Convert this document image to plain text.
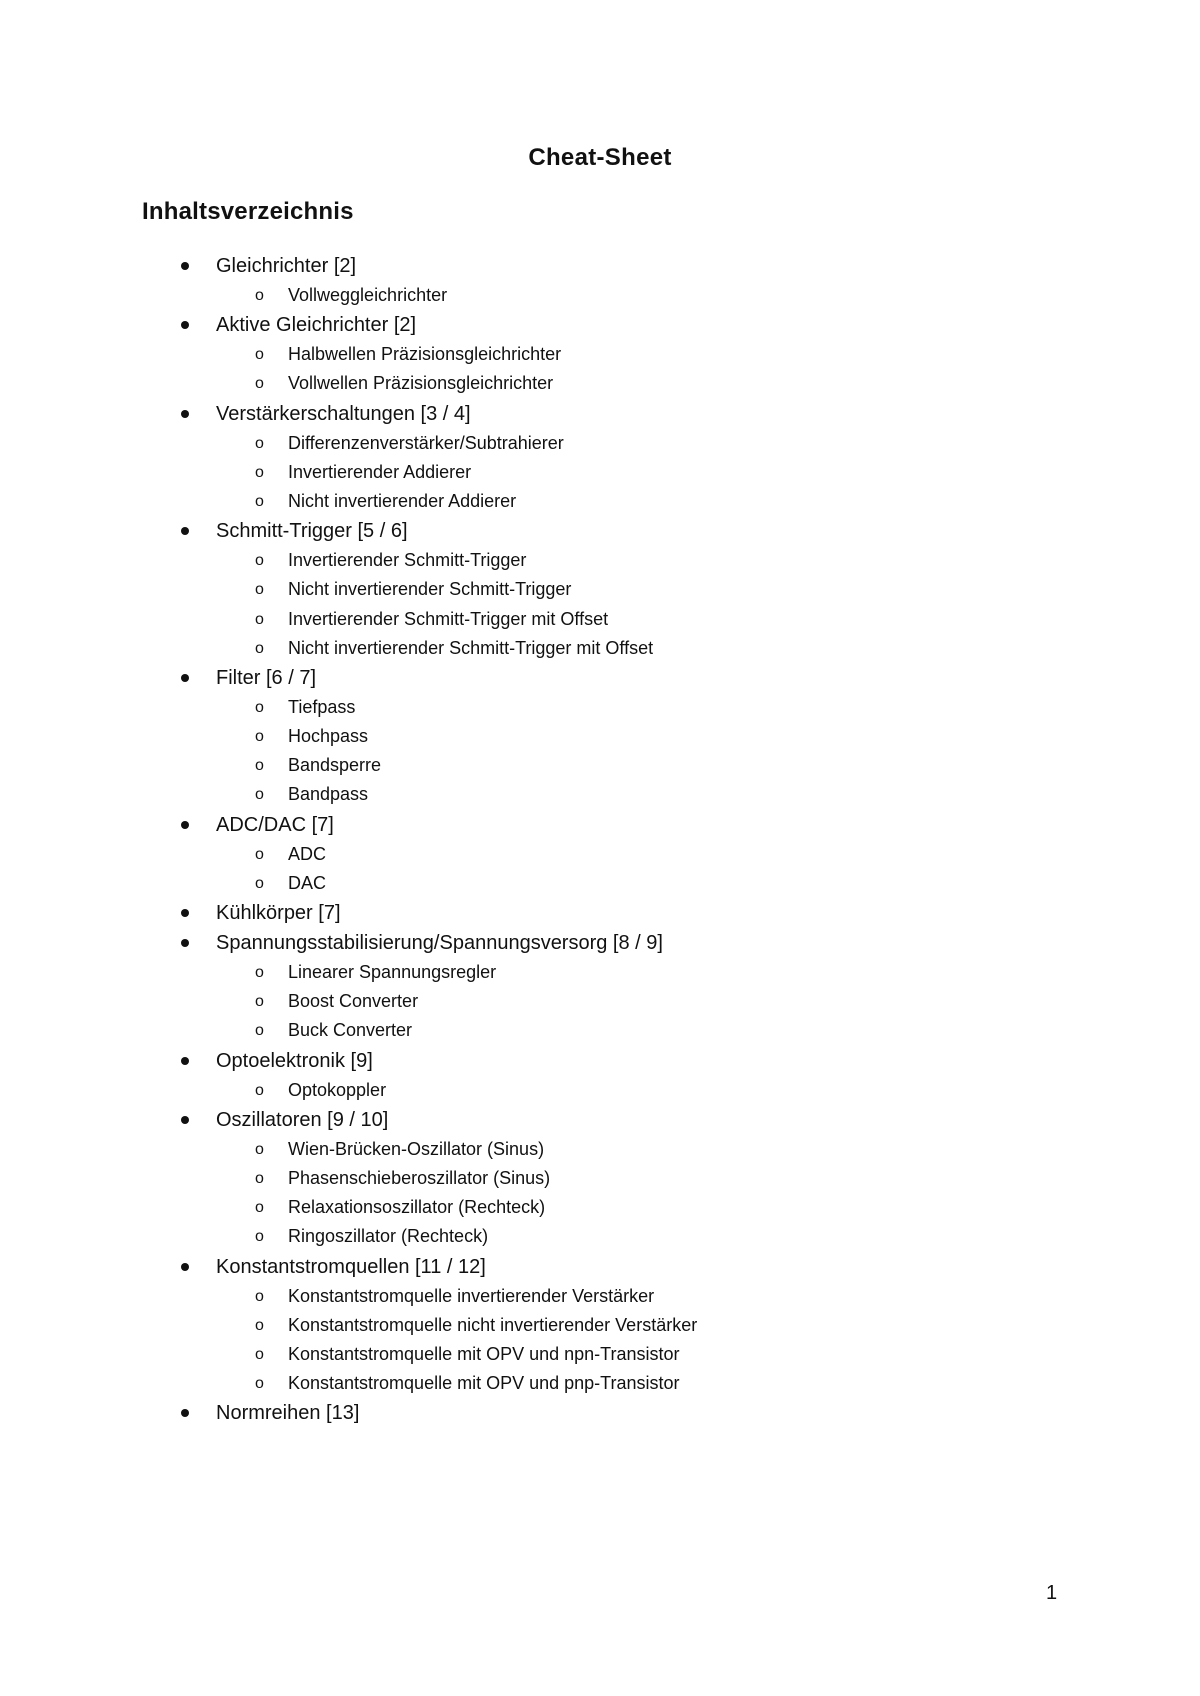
Cheat-Sheet
Inhaltsverzeichnis
Gleichrichter [2]
o Vollweggleichrichter
Aktive Gleichrichter [2]
o Halbwellen Präzisionsgleichrichter
o Vollwellen Präzisionsgleichrichter
Verstärkerschaltungen [3 / 4]
o Differenzenverstärker/Subtrahierer
o Invertierender Addierer
o Nicht invertierender Addierer
Schmitt-Trigger [5 / 6]
o Invertierender Schmitt-Trigger
o Nicht invertierender Schmitt-Trigger
o Invertierender Schmitt-Trigger mit Offset
o Nicht invertierender Schmitt-Trigger mit Offset
Filter [6 / 7]
o Tiefpass
o Hochpass
o Bandsperre
o Bandpass
ADC/DAC [7]
o ADC
o DAC
Kühlkörper [7]
Spannungsstabilisierung/Spannungsversorg [8 / 9]
o Linearer Spannungsregler
o Boost Converter
o Buck Converter
Optoelektronik [9]
o Optokoppler
Oszillatoren [9 / 10]
o Wien-Brücken-Oszillator (Sinus)
o Phasenschieberoszillator (Sinus)
o Relaxationsoszillator (Rechteck)
o Ringoszillator (Rechteck)
Konstantstromquellen [11 / 12]
o Konstantstromquelle invertierender Verstärker
o Konstantstromquelle nicht invertierender Verstärker
o Konstantstromquelle mit OPV und npn-Transistor
o Konstantstromquelle mit OPV und pnp-Transistor
Normreihen [13]
1
